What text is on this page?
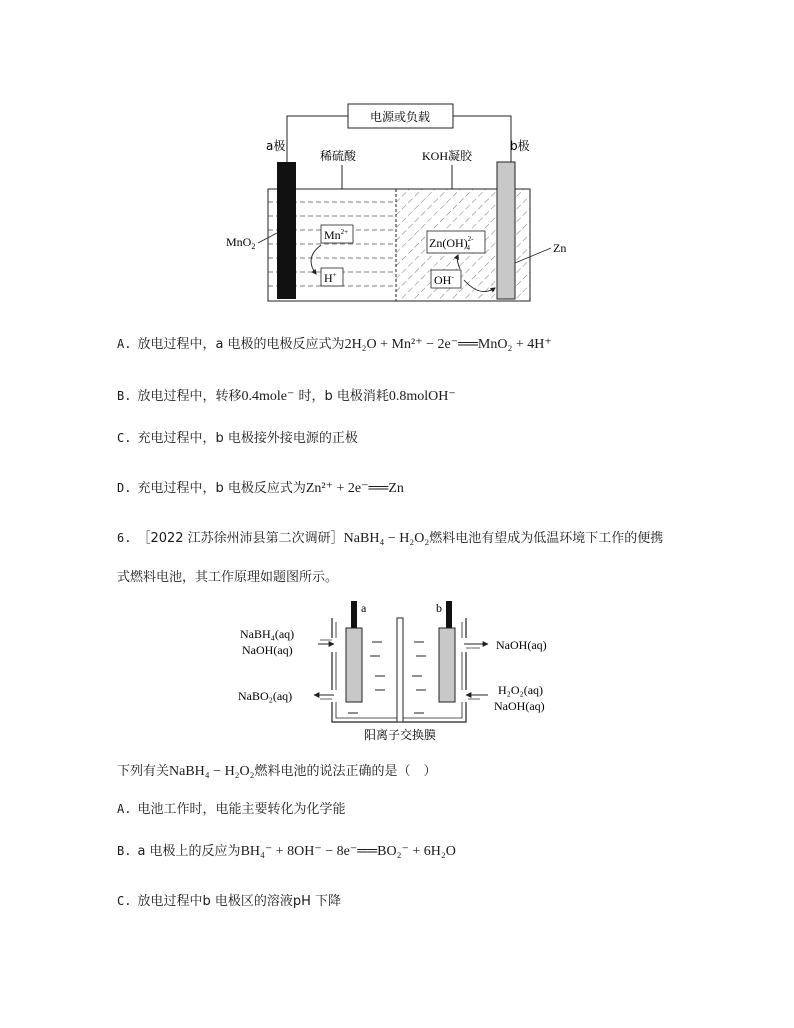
电源或负载
a极	b极
稀硫酸	KOH凝胶
MnO$_2$
$Mn^{2+}$
H+
Zn(OH)$^{2-}$4
OH-
Zn
A. 放电过程中，a 电极的电极反应式为2H₂O + Mn²⁺ − 2e⁻══MnO₂ + 4H⁺
B. 放电过程中，转移0.4mole⁻ 时，b 电极消耗0.8molOH⁻
C. 充电过程中，b 电极接外接电源的正极
D. 充电过程中，b 电极反应式为Zn²⁺ + 2e⁻══Zn
6. ［2022 江苏徐州沛县第二次调研］NaBH₄ − H₂O₂燃料电池有望成为低温环境下工作的便携
式燃料电池，其工作原理如题图所示。
a	b
NaBH₄(aq)
NaOH(aq)
NaBO₂(aq)
NaOH(aq)
H₂O₂(aq)
NaOH(aq)
阳离子交换膜
下列有关NaBH₄ − H₂O₂燃料电池的说法正确的是（　）
A. 电池工作时，电能主要转化为化学能
B. a 电极上的反应为BH₄⁻ + 8OH⁻ − 8e⁻══BO₂⁻ + 6H₂O
C. 放电过程中b 电极区的溶液pH 下降
